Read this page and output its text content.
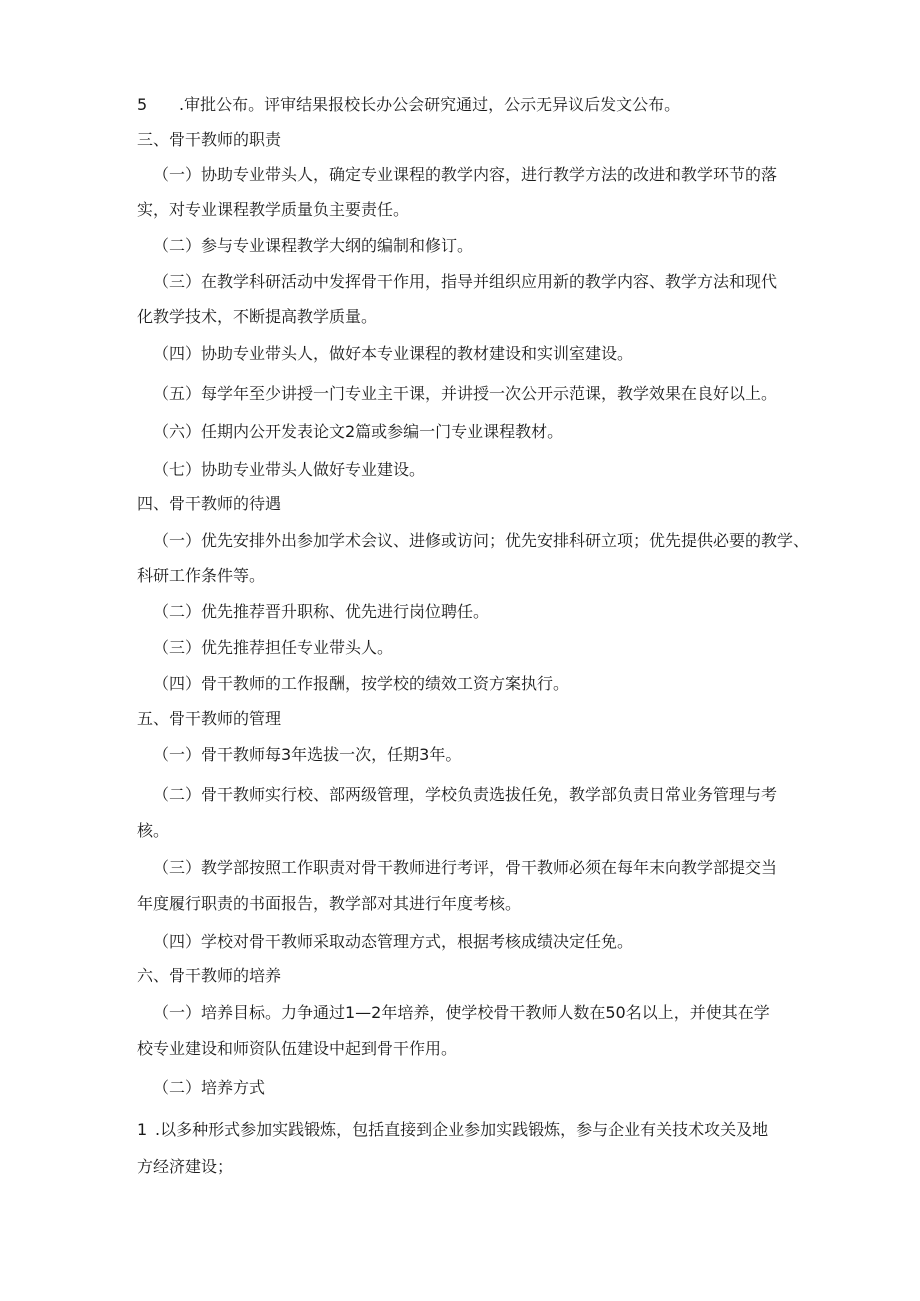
5 .审批公布。评审结果报校长办公会研究通过，公示无异议后发文公布。
三、骨干教师的职责
（一）协助专业带头人，确定专业课程的教学内容，进行教学方法的改进和教学环节的落
实，对专业课程教学质量负主要责任。
（二）参与专业课程教学大纲的编制和修订。
（三）在教学科研活动中发挥骨干作用，指导并组织应用新的教学内容、教学方法和现代
化教学技术，不断提高教学质量。
（四）协助专业带头人，做好本专业课程的教材建设和实训室建设。
（五）每学年至少讲授一门专业主干课，并讲授一次公开示范课，教学效果在良好以上。
（六）任期内公开发表论文2篇或参编一门专业课程教材。
（七）协助专业带头人做好专业建设。
四、骨干教师的待遇
（一）优先安排外出参加学术会议、进修或访问；优先安排科研立项；优先提供必要的教学、
科研工作条件等。
（二）优先推荐晋升职称、优先进行岗位聘任。
（三）优先推荐担任专业带头人。
（四）骨干教师的工作报酬，按学校的绩效工资方案执行。
五、骨干教师的管理
（一）骨干教师每3年选拔一次，任期3年。
（二）骨干教师实行校、部两级管理，学校负责选拔任免，教学部负责日常业务管理与考
核。
（三）教学部按照工作职责对骨干教师进行考评，骨干教师必须在每年末向教学部提交当
年度履行职责的书面报告，教学部对其进行年度考核。
（四）学校对骨干教师采取动态管理方式，根据考核成绩决定任免。
六、骨干教师的培养
（一）培养目标。力争通过1—2年培养，使学校骨干教师人数在50名以上，并使其在学
校专业建设和师资队伍建设中起到骨干作用。
（二）培养方式
1 .以多种形式参加实践锻炼，包括直接到企业参加实践锻炼，参与企业有关技术攻关及地
方经济建设；
